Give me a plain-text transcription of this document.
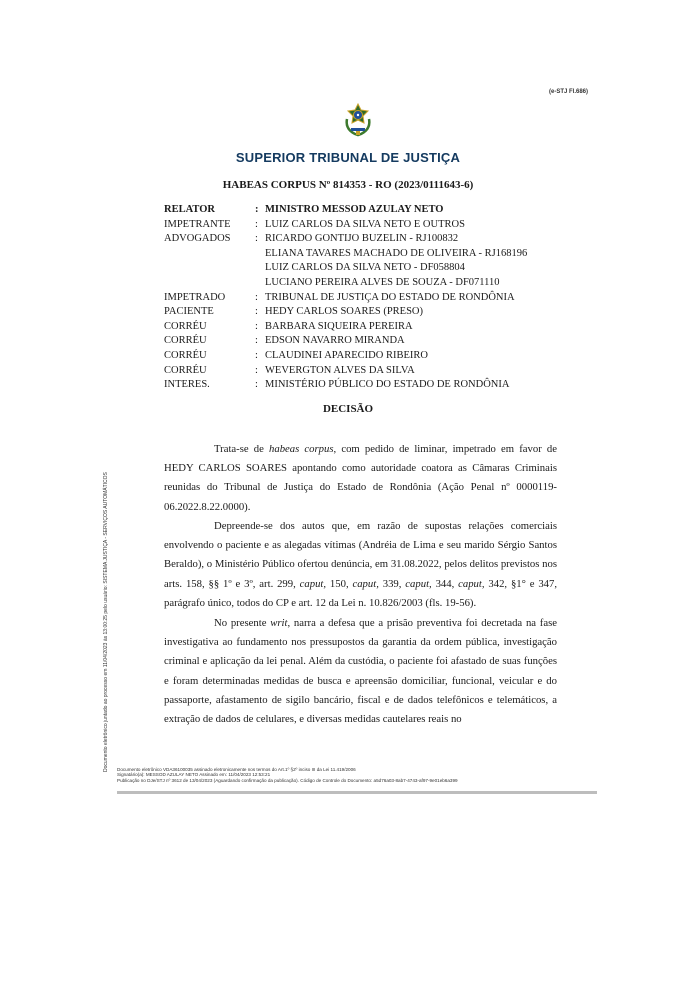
(e-STJ Fl.686)
SUPERIOR TRIBUNAL DE JUSTIÇA
HABEAS CORPUS Nº 814353 - RO (2023/0111643-6)
RELATOR	: MINISTRO MESSOD AZULAY NETO
IMPETRANTE	: LUIZ CARLOS DA SILVA NETO E OUTROS
ADVOGADOS	: RICARDO GONTIJO BUZELIN - RJ100832
ELIANA TAVARES MACHADO DE OLIVEIRA - RJ168196
LUIZ CARLOS DA SILVA NETO - DF058804
LUCIANO PEREIRA ALVES DE SOUZA - DF071110
IMPETRADO	: TRIBUNAL DE JUSTIÇA DO ESTADO DE RONDÔNIA
PACIENTE	: HEDY CARLOS SOARES (PRESO)
CORRÉU	: BARBARA SIQUEIRA PEREIRA
CORRÉU	: EDSON NAVARRO MIRANDA
CORRÉU	: CLAUDINEI APARECIDO RIBEIRO
CORRÉU	: WEVERGTON ALVES DA SILVA
INTERES.	: MINISTÉRIO PÚBLICO DO ESTADO DE RONDÔNIA
DECISÃO

Trata-se de habeas corpus, com pedido de liminar, impetrado em favor de HEDY CARLOS SOARES apontando como autoridade coatora as Câmaras Criminais reunidas do Tribunal de Justiça do Estado de Rondônia (Ação Penal nº 0000119-06.2022.8.22.0000).

Depreende-se dos autos que, em razão de supostas relações comerciais envolvendo o paciente e as alegadas vítimas (Andréia de Lima e seu marido Sérgio Santos Beraldo), o Ministério Público ofertou denúncia, em 31.08.2022, pelos delitos previstos nos arts. 158, §§ 1º e 3º, art. 299, caput, 150, caput, 339, caput, 344, caput, 342, §1° e 347, parágrafo único, todos do CP e art. 12 da Lei n. 10.826/2003 (fls. 19-56).

No presente writ, narra a defesa que a prisão preventiva foi decretada na fase investigativa ao fundamento nos pressupostos da garantia da ordem pública, investigação criminal e aplicação da lei penal. Além da custódia, o paciente foi afastado de suas funções e foram determinadas medidas de busca e apreensão domiciliar, funcional, veicular e do passaporte, afastamento de sigilo bancário, fiscal e de dados telefônicos e telemáticos, a extração de dados de celulares, e diversas medidas cautelares reais no

Documento eletrônico juntado ao processo em 11/04/2023 às 13:00:25 pelo usuário: SISTEMA JUSTIÇA - SERVIÇOS AUTOMÁTICOS Documento eletrônico VDA36100035 assinado eletronicamente nos termos do Art.1º §2º inciso III da Lei 11.419/2006
Signatário(a): MESSOD AZULAY NETO Assinado em: 11/04/2023 12:53:21
Publicação no DJe/STJ nº 3612 de 13/04/2023 (Aguardando confirmação da publicação). Código de Controle do Documento: a5d76a03-8ab7-4743-af97-9e01eb6a399
